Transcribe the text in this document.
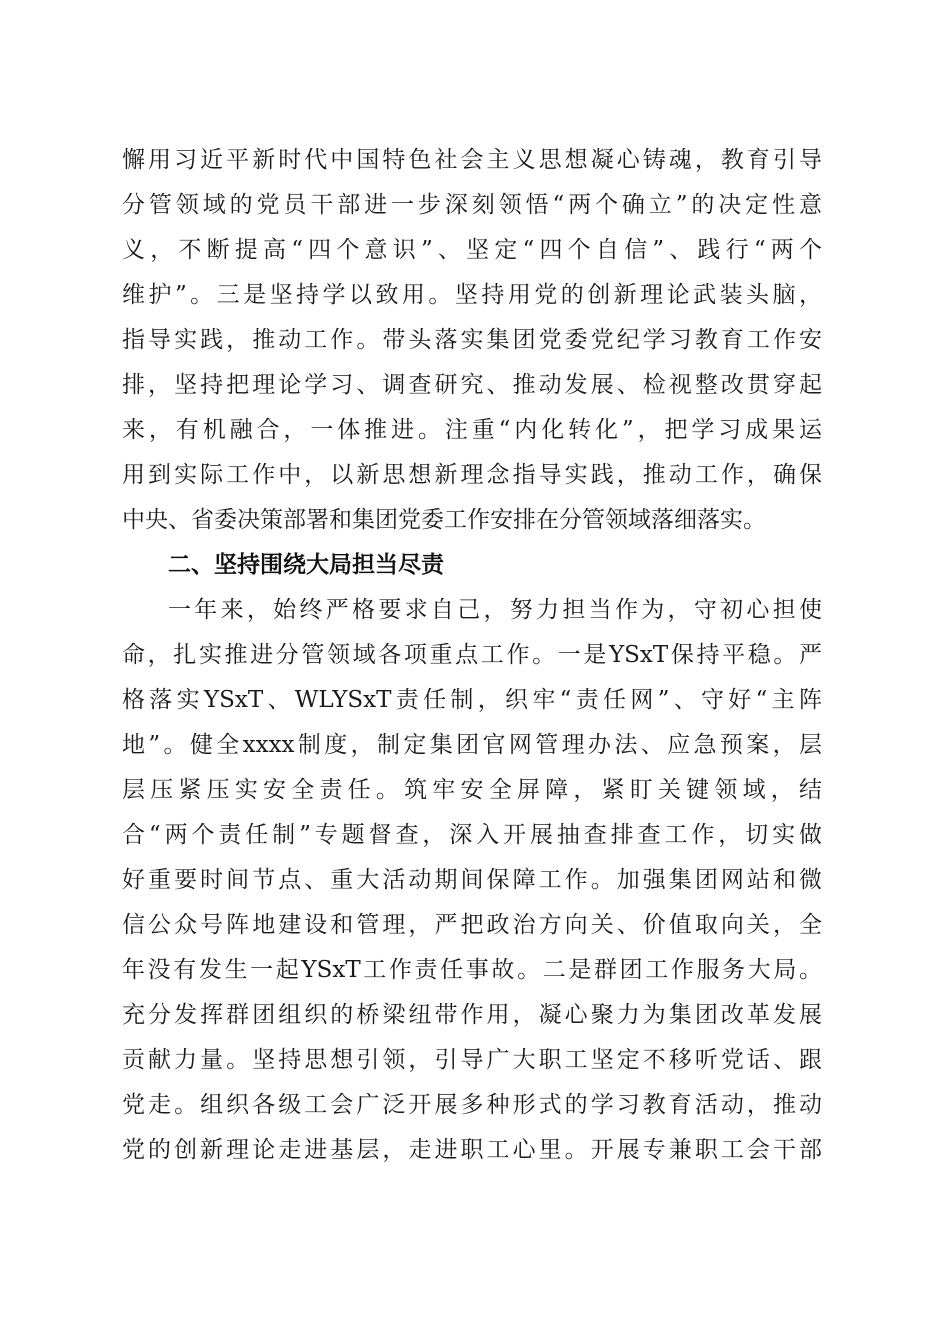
懈用习近平新时代中国特色社会主义思想凝心铸魂，教育引导
分管领域的党员干部进一步深刻领悟“两个确立”的决定性意
义，不断提高“四个意识”、坚定“四个自信”、践行“两个
维护”。三是坚持学以致用。坚持用党的创新理论武装头脑，
指导实践，推动工作。带头落实集团党委党纪学习教育工作安
排，坚持把理论学习、调查研究、推动发展、检视整改贯穿起
来，有机融合，一体推进。注重“内化转化”，把学习成果运
用到实际工作中，以新思想新理念指导实践，推动工作，确保
中央、省委决策部署和集团党委工作安排在分管领域落细落实。
二、坚持围绕大局担当尽责
一年来，始终严格要求自己，努力担当作为，守初心担使
命，扎实推进分管领域各项重点工作。一是YSxT保持平稳。严
格落实YSxT、WLYSxT责任制，织牢“责任网”、守好“主阵
地”。健全xxxx制度，制定集团官网管理办法、应急预案，层
层压紧压实安全责任。筑牢安全屏障，紧盯关键领域，结
合“两个责任制”专题督查，深入开展抽查排查工作，切实做
好重要时间节点、重大活动期间保障工作。加强集团网站和微
信公众号阵地建设和管理，严把政治方向关、价值取向关，全
年没有发生一起YSxT工作责任事故。二是群团工作服务大局。
充分发挥群团组织的桥梁纽带作用，凝心聚力为集团改革发展
贡献力量。坚持思想引领，引导广大职工坚定不移听党话、跟
党走。组织各级工会广泛开展多种形式的学习教育活动，推动
党的创新理论走进基层，走进职工心里。开展专兼职工会干部
